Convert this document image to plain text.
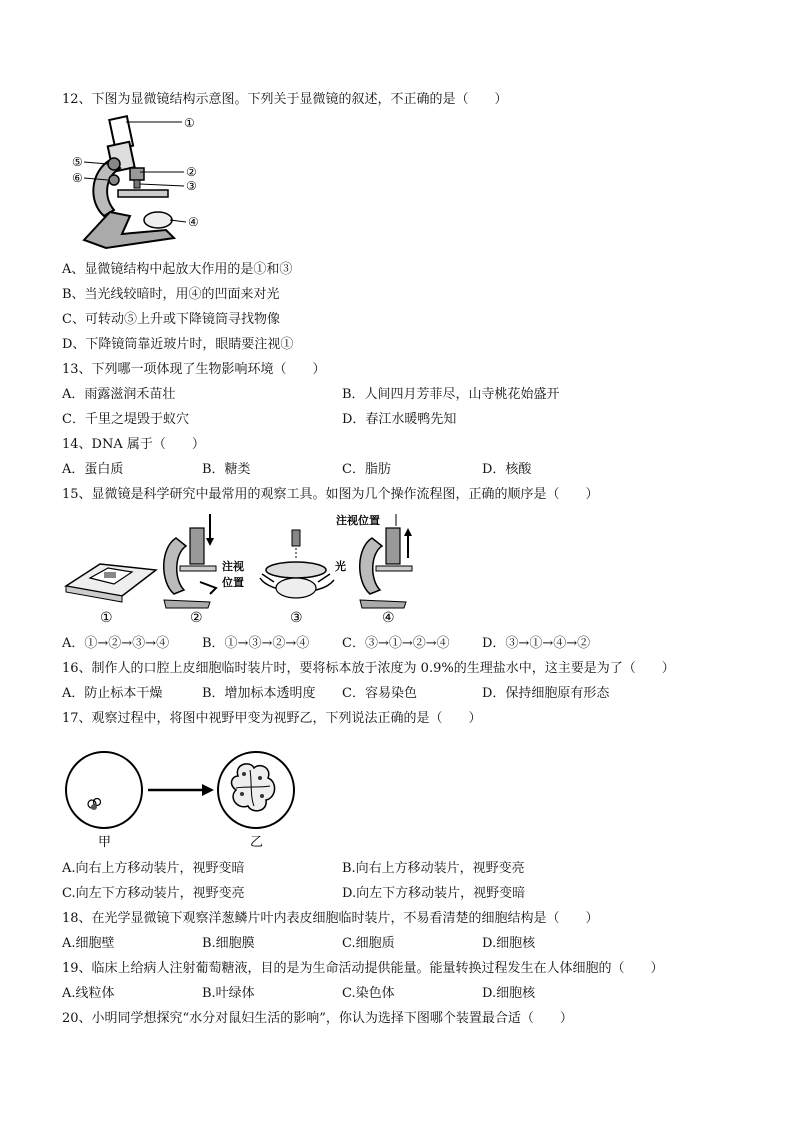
12、下图为显微镜结构示意图。下列关于显微镜的叙述，不正确的是（　　）
①
②
③
④
⑤
⑥
A、显微镜结构中起放大作用的是①和③
B、当光线较暗时，用④的凹面来对光
C、可转动⑤上升或下降镜筒寻找物像
D、下降镜筒靠近玻片时，眼睛要注视①
13、下列哪一项体现了生物影响环境（　　）
A．雨露滋润禾苗壮	B．人间四月芳菲尽，山寺桃花始盛开
C．千里之堤毁于蚁穴	D．春江水暖鸭先知
14、DNA 属于（　　）
A．蛋白质	B．糖类	C．脂肪	D．核酸
15、显微镜是科学研究中最常用的观察工具。如图为几个操作流程图，正确的顺序是（　　）
注视
位置
光
注视位置
①	②	③	④
A．①→②→③→④	B．①→③→②→④	C．③→①→②→④ D．③→①→④→②
16、制作人的口腔上皮细胞临时装片时，要将标本放于浓度为 0.9%的生理盐水中，这主要是为了（　　）
A．防止标本干燥	B．增加标本透明度 C．容易染色	D．保持细胞原有形态
17、观察过程中，将图中视野甲变为视野乙，下列说法正确的是（　　）
甲	乙
A.向右上方移动装片，视野变暗	B.向右上方移动装片，视野变亮
C.向左下方移动装片，视野变亮	D.向左下方移动装片，视野变暗
18、在光学显微镜下观察洋葱鳞片叶内表皮细胞临时装片，不易看清楚的细胞结构是（　　）
A.细胞壁	B.细胞膜	C.细胞质	D.细胞核
19、临床上给病人注射葡萄糖液，目的是为生命活动提供能量。能量转换过程发生在人体细胞的（　　）
A.线粒体	B.叶绿体	C.染色体	D.细胞核
20、小明同学想探究“水分对鼠妇生活的影响”，你认为选择下图哪个装置最合适（　　）
